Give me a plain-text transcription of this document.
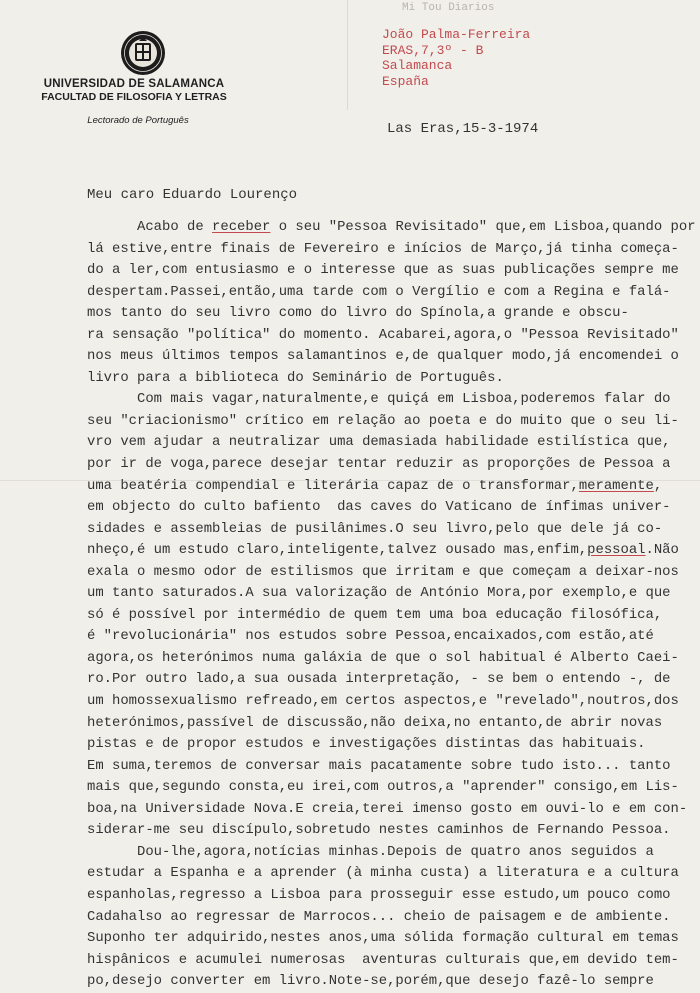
Mi Tou Diarios
UNIVERSIDAD DE SALAMANCA
FACULTAD DE FILOSOFIA Y LETRAS
Lectorado de Português
João Palma-Ferreira
ERAS,7,3º - B
Salamanca
España
Las Eras,15-3-1974
Meu caro Eduardo Lourenço
Acabo de receber o seu "Pessoa Revisitado" que,em Lisboa,quando por
lá estive,entre finais de Fevereiro e inícios de Março,já tinha começa-
do a ler,com entusiasmo e o interesse que as suas publicações sempre me
despertam.Passei,então,uma tarde com o Vergílio e com a Regina e falá-
mos tanto do seu livro como do livro do Spínola,a grande e obscu-
ra sensação "política" do momento. Acabarei,agora,o "Pessoa Revisitado"
nos meus últimos tempos salamantinos e,de qualquer modo,já encomendei o
livro para a biblioteca do Seminário de Português.
Com mais vagar,naturalmente,e quiçá em Lisboa,poderemos falar do
seu "criacionismo" crítico em relação ao poeta e do muito que o seu li-
vro vem ajudar a neutralizar uma demasiada habilidade estilística que,
por ir de voga,parece desejar tentar reduzir as proporções de Pessoa a
uma beatéria compendial e literária capaz de o transformar,meramente,
em objecto do culto bafiento  das caves do Vaticano de ínfimas univer-
sidades e assembleias de pusilânimes.O seu livro,pelo que dele já co-
nheço,é um estudo claro,inteligente,talvez ousado mas,enfim,pessoal.Não
exala o mesmo odor de estilismos que irritam e que começam a deixar-nos
um tanto saturados.A sua valorização de António Mora,por exemplo,e que
só é possível por intermédio de quem tem uma boa educação filosófica,
é "revolucionária" nos estudos sobre Pessoa,encaixados,com estão,até
agora,os heterónimos numa galáxia de que o sol habitual é Alberto Caei-
ro.Por outro lado,a sua ousada interpretação, - se bem o entendo -, de
um homossexualismo refreado,em certos aspectos,e "revelado",noutros,dos
heterónimos,passível de discussão,não deixa,no entanto,de abrir novas
pistas e de propor estudos e investigações distintas das habituais.
Em suma,teremos de conversar mais pacatamente sobre tudo isto... tanto
mais que,segundo consta,eu irei,com outros,a "aprender" consigo,em Lis-
boa,na Universidade Nova.E creia,terei imenso gosto em ouvi-lo e em con-
siderar-me seu discípulo,sobretudo nestes caminhos de Fernando Pessoa.
Dou-lhe,agora,notícias minhas.Depois de quatro anos seguidos a
estudar a Espanha e a aprender (à minha custa) a literatura e a cultura
espanholas,regresso a Lisboa para prosseguir esse estudo,um pouco como
Cadahalso ao regressar de Marrocos... cheio de paisagem e de ambiente.
Suponho ter adquirido,nestes anos,uma sólida formação cultural em temas
hispânicos e acumulei numerosas  aventuras culturais que,em devido tem-
po,desejo converter em livro.Note-se,porém,que desejo fazê-lo sempre
